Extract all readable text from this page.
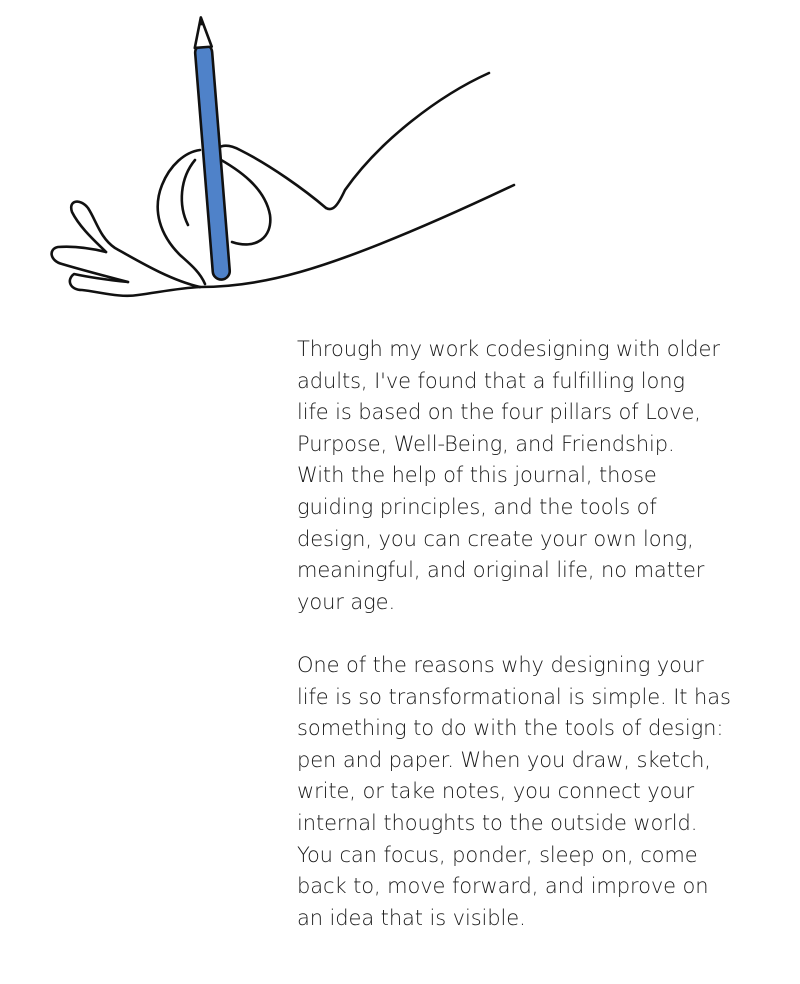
Through my work codesigning with older
adults, I've found that a fulfilling long
life is based on the four pillars of Love,
Purpose, Well-Being, and Friendship.
With the help of this journal, those
guiding principles, and the tools of
design, you can create your own long,
meaningful, and original life, no matter
your age.

One of the reasons why designing your
life is so transformational is simple. It has
something to do with the tools of design:
pen and paper. When you draw, sketch,
write, or take notes, you connect your
internal thoughts to the outside world.
You can focus, ponder, sleep on, come
back to, move forward, and improve on
an idea that is visible.
